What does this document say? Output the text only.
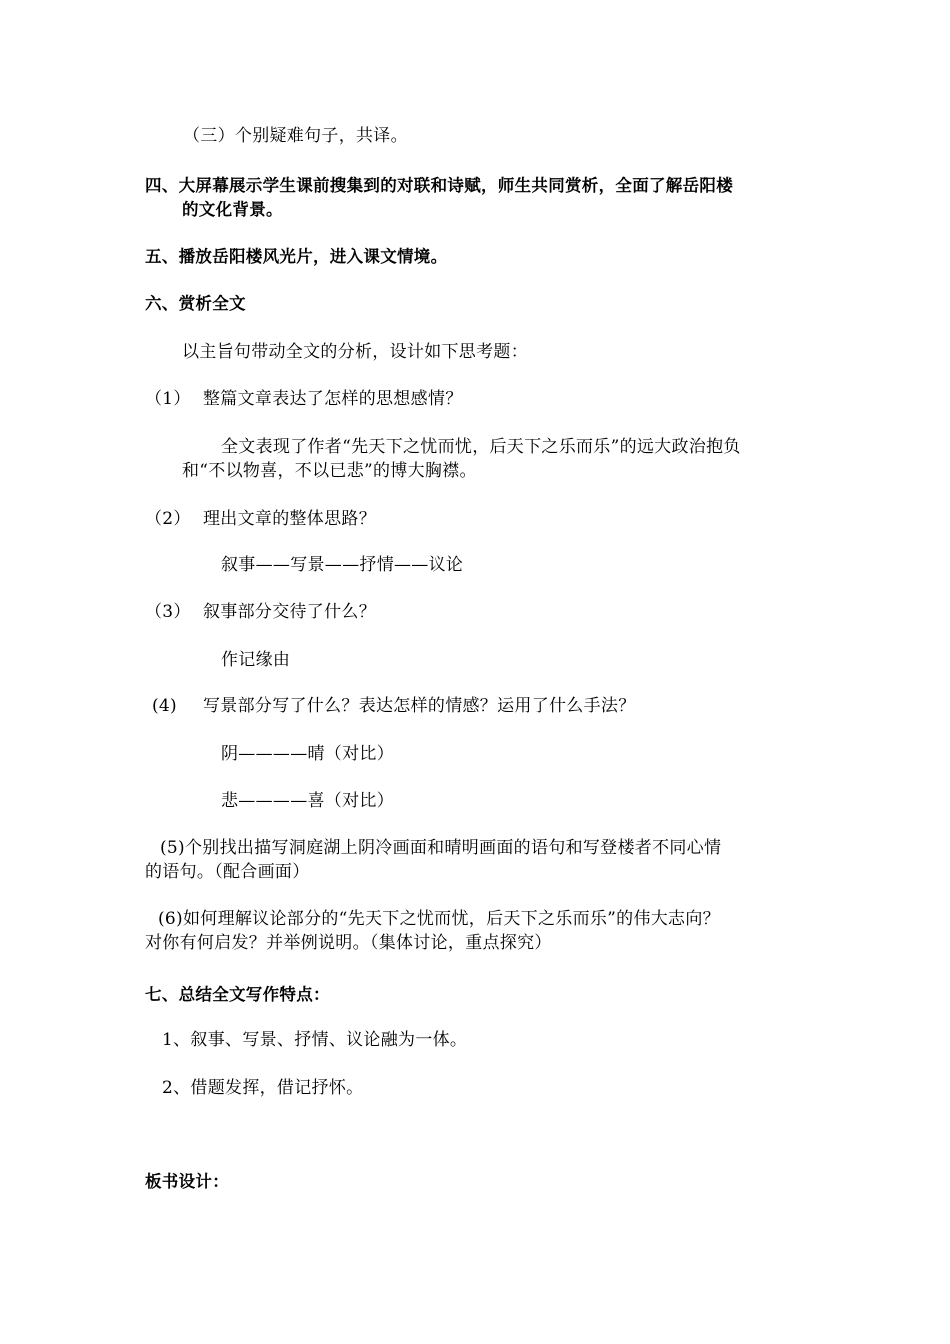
（三）个别疑难句子，共译。
四、大屏幕展示学生课前搜集到的对联和诗赋，师生共同赏析，全面了解岳阳楼
的文化背景。
五、播放岳阳楼风光片，进入课文情境。
六、赏析全文
以主旨句带动全文的分析，设计如下思考题：
（1） 整篇文章表达了怎样的思想感情？
全文表现了作者“先天下之忧而忧，后天下之乐而乐”的远大政治抱负
和“不以物喜，不以已悲”的博大胸襟。
（2） 理出文章的整体思路？
叙事——写景——抒情——议论
（3） 叙事部分交待了什么？
作记缘由
(4) 写景部分写了什么？表达怎样的情感？运用了什么手法？
阴————晴（对比）
悲————喜（对比）
(5)个别找出描写洞庭湖上阴冷画面和晴明画面的语句和写登楼者不同心情
的语句。（配合画面）
(6)如何理解议论部分的“先天下之忧而忧，后天下之乐而乐”的伟大志向？
对你有何启发？并举例说明。（集体讨论，重点探究）
七、总结全文写作特点：
1、叙事、写景、抒情、议论融为一体。
2、借题发挥，借记抒怀。
板书设计：
